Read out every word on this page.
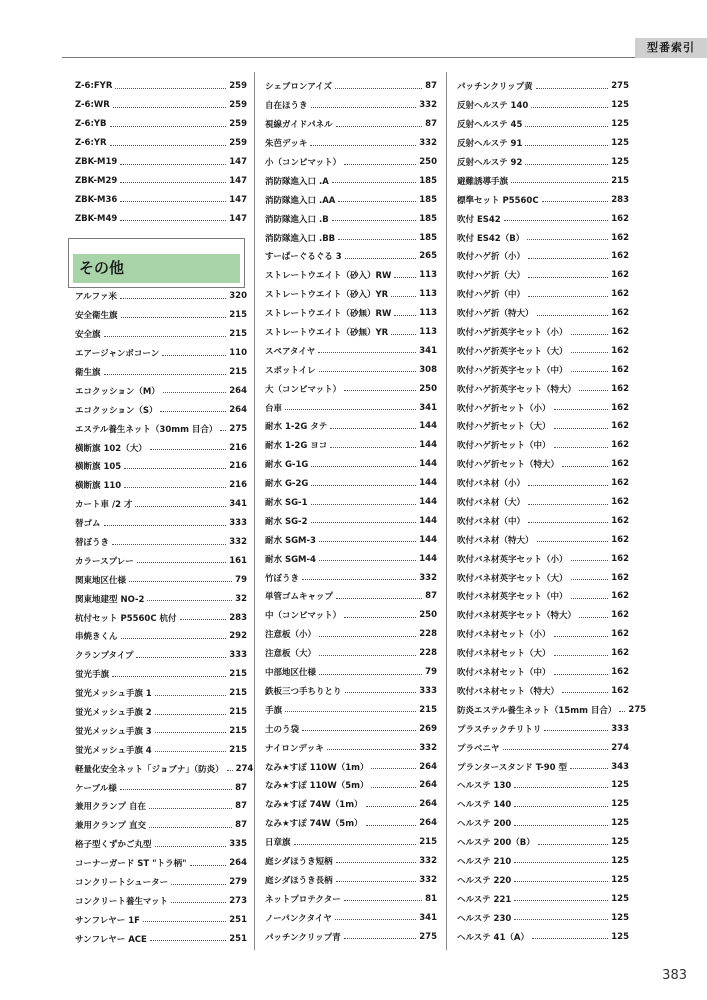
型番索引
Z-6:FYR	259
Z-6:WR	259
Z-6:YB	259
Z-6:YR	259
ZBK-M19	147
ZBK-M29	147
ZBK-M36	147
ZBK-M49	147
その他
アルファ米	320
安全衛生旗	215
安全旗	215
エアージャンボコーン	110
衛生旗	215
エコクッション（M）	264
エコクッション（S）	264
エステル養生ネット（30mm 目合） 275
横断旗 102（大）	216
横断旗 105	216
横断旗 110	216
カート車 /2 才	341
替ゴム	333
替ぼうき	332
カラースプレー	161
関東地区仕様	79
関東地建型 NO-2	32
杭付セット P5560C 杭付	283
串焼きくん	292
クランプタイプ	333
蛍光手旗	215
蛍光メッシュ手旗 1	215
蛍光メッシュ手旗 2	215
蛍光メッシュ手旗 3	215
蛍光メッシュ手旗 4	215
軽量化安全ネット「ジョブナ」（防炎） 274
ケーブル様	87
兼用クランプ 自在	87
兼用クランプ 直交	87
格子型くずかご丸型	335
コーナーガード ST "トラ柄"	264
コンクリートシューター	279
コンクリート養生マット	273
サンフレヤー 1F	251
サンフレヤー ACE	251
シェブロンアイズ	87
自在ほうき	332
視線ガイドパネル	87
朱芭デッキ	332
小（コンビマット）	250
消防隊進入口 .A	185
消防隊進入口 .AA	185
消防隊進入口 .B	185
消防隊進入口 .BB	185
すーぱーぐるぐる 3	265
ストレートウエイト（砂入）RW	113
ストレートウエイト（砂入）YR	113
ストレートウエイト（砂無）RW	113
ストレートウエイト（砂無）YR	113
スペアタイヤ	341
スポットイレ	308
大（コンビマット）	250
台車	341
耐水 1-2G タテ	144
耐水 1-2G ヨコ	144
耐水 G-1G	144
耐水 G-2G	144
耐水 SG-1	144
耐水 SG-2	144
耐水 SGM-3	144
耐水 SGM-4	144
竹ぼうき	332
単管ゴムキャップ	87
中（コンビマット）	250
注意板（小）	228
注意板（大）	228
中部地区仕様	79
鉄板三つ手ちりとり	333
手旗	215
土のう袋	269
ナイロンデッキ	332
なみ★すぽ 110W（1m）	264
なみ★すぽ 110W（5m）	264
なみ★すぽ 74W（1m）	264
なみ★すぽ 74W（5m）	264
日章旗	215
庭シダほうき短柄	332
庭シダほうき長柄	332
ネットプロテクター	81
ノーパンクタイヤ	341
パッチンクリップ青	275
パッチンクリップ黄	275
反射ヘルステ 140	125
反射ヘルステ 45	125
反射ヘルステ 91	125
反射ヘルステ 92	125
避難誘導手旗	215
標準セット P5560C	283
吹付 ES42	162
吹付 ES42（B）	162
吹付ハゲ折（小）	162
吹付ハゲ折（大）	162
吹付ハゲ折（中）	162
吹付ハゲ折（特大）	162
吹付ハゲ折英字セット（小）	162
吹付ハゲ折英字セット（大）	162
吹付ハゲ折英字セット（中）	162
吹付ハゲ折英字セット（特大）	162
吹付ハゲ折セット（小）	162
吹付ハゲ折セット（大）	162
吹付ハゲ折セット（中）	162
吹付ハゲ折セット（特大）	162
吹付バネ材（小）	162
吹付バネ材（大）	162
吹付バネ材（中）	162
吹付バネ材（特大）	162
吹付バネ材英字セット（小）	162
吹付バネ材英字セット（大）	162
吹付バネ材英字セット（中）	162
吹付バネ材英字セット（特大）	162
吹付バネ材セット（小）	162
吹付バネ材セット（大）	162
吹付バネ材セット（中）	162
吹付バネ材セット（特大）	162
防炎エステル養生ネット（15mm 目合） 275
プラスチックチリトリ	333
プラベニヤ	274
プランタースタンド T-90 型	343
ヘルステ 130	125
ヘルステ 140	125
ヘルステ 200	125
ヘルステ 200（B）	125
ヘルステ 210	125
ヘルステ 220	125
ヘルステ 221	125
ヘルステ 230	125
ヘルステ 41（A）	125
383
